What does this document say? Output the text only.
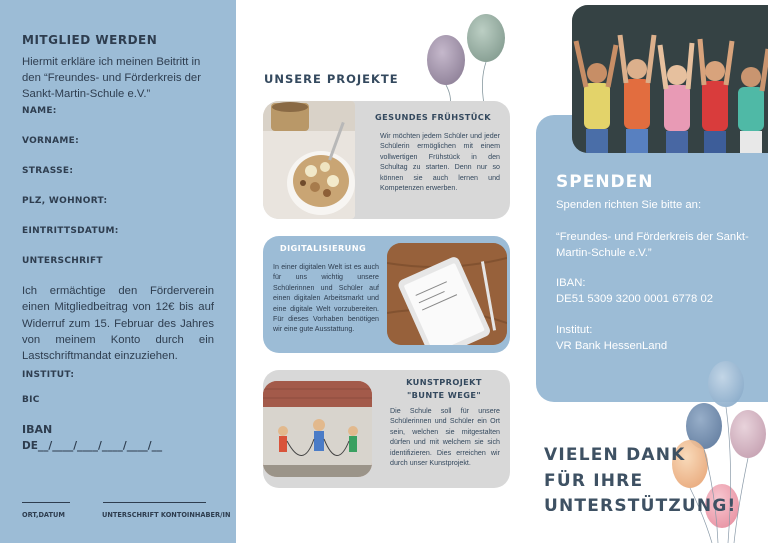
MITGLIED WERDEN

Hiermit erkläre ich meinen Beitritt in den “Freundes- und Förderkreis der Sankt-Martin-Schule e.V.”

NAME:
VORNAME:
STRASSE:
PLZ, WOHNORT:
EINTRITTSDATUM:
UNTERSCHRIFT

Ich ermächtige den Förderverein einen Mitgliedbeitrag von 12€ bis auf Widerruf zum 15. Februar des Jahres von meinem Konto durch ein Lastschriftmandat einzuziehen.

INSTITUT:
BIC
IBAN
DE__/____/____/____/____/__
ORT,DATUM	UNTERSCHRIFT KONTOINHABER/IN
UNSERE PROJEKTE
GESUNDES FRÜHSTÜCK

Wir möchten jedem Schüler und jeder Schülerin ermöglichen mit einem vollwertigen Frühstück in den Schultag zu starten. Denn nur so können sie auch lernen und Kompetenzen erwerben.

DIGITALISIERUNG

In einer digitalen Welt ist es auch für uns wichtig unsere Schülerinnen und Schüler auf einen digitalen Arbeitsmarkt und eine digitale Welt vorzubereiten. Für dieses Vorhaben benötigen wir eine gute Ausstattung.

KUNSTPROJEKT
"BUNTE WEGE"

Die Schule soll für unsere Schülerinnen und Schüler ein Ort sein, welchen sie mitgestalten dürfen und mit welchem sie sich identifizieren. Dies erreichen wir durch unser Kunstprojekt.

SPENDEN

Spenden richten Sie bitte an:

“Freundes- und Förderkreis der Sankt-Martin-Schule e.V.”

IBAN:

DE51 5309 3200 0001 6778 02

Institut:

VR Bank HessenLand

VIELEN DANK
FÜR IHRE
UNTERSTÜTZUNG!
